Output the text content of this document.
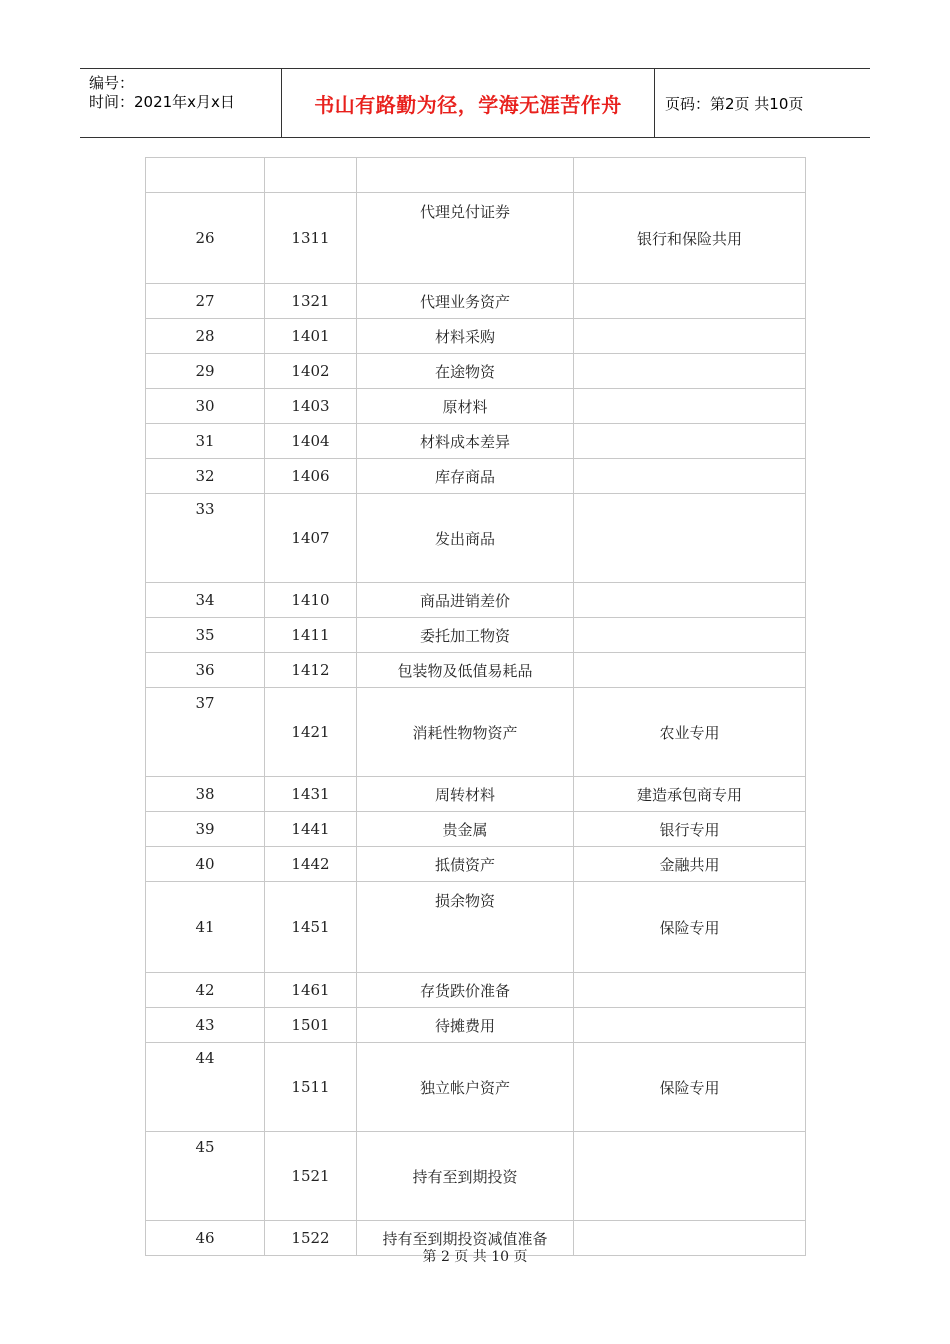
编号：
时间：2021年x月x日	书山有路勤为径，学海无涯苦作舟	页码：第2页 共10页

26	1311	代理兑付证券	银行和保险共用
27	1321	代理业务资产	
28	1401	材料采购	
29	1402	在途物资	
30	1403	原材料	
31	1404	材料成本差异	
32	1406	库存商品	
33	1407	发出商品	
34	1410	商品进销差价	
35	1411	委托加工物资	
36	1412	包装物及低值易耗品	
37	1421	消耗性物物资产	农业专用
38	1431	周转材料	建造承包商专用
39	1441	贵金属	银行专用
40	1442	抵债资产	金融共用
41	1451	损余物资	保险专用
42	1461	存货跌价准备	
43	1501	待摊费用	
44	1511	独立帐户资产	保险专用
45	1521	持有至到期投资	
46	1522	持有至到期投资减值准备	
第 2 页 共 10 页
